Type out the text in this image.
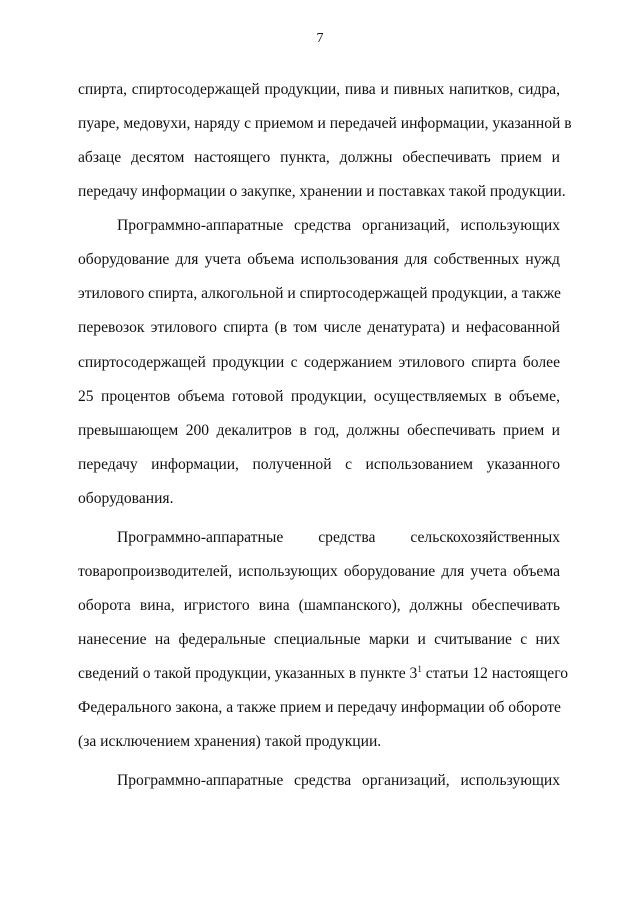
7
спирта, спиртосодержащей продукции, пива и пивных напитков, сидра,
пуаре, медовухи, наряду с приемом и передачей информации, указанной в
абзаце десятом настоящего пункта, должны обеспечивать прием и
передачу информации о закупке, хранении и поставках такой продукции.
Программно-аппаратные средства организаций, использующих
оборудование для учета объема использования для собственных нужд
этилового спирта, алкогольной и спиртосодержащей продукции, а также
перевозок этилового спирта (в том числе денатурата) и нефасованной
спиртосодержащей продукции с содержанием этилового спирта более
25 процентов объема готовой продукции, осуществляемых в объеме,
превышающем 200 декалитров в год, должны обеспечивать прием и
передачу информации, полученной с использованием указанного
оборудования.
Программно-аппаратные средства сельскохозяйственных
товаропроизводителей, использующих оборудование для учета объема
оборота вина, игристого вина (шампанского), должны обеспечивать
нанесение на федеральные специальные марки и считывание с них
сведений о такой продукции, указанных в пункте $3^1$ статьи 12 настоящего
Федерального закона, а также прием и передачу информации об обороте
(за исключением хранения) такой продукции.
Программно-аппаратные средства организаций, использующих
